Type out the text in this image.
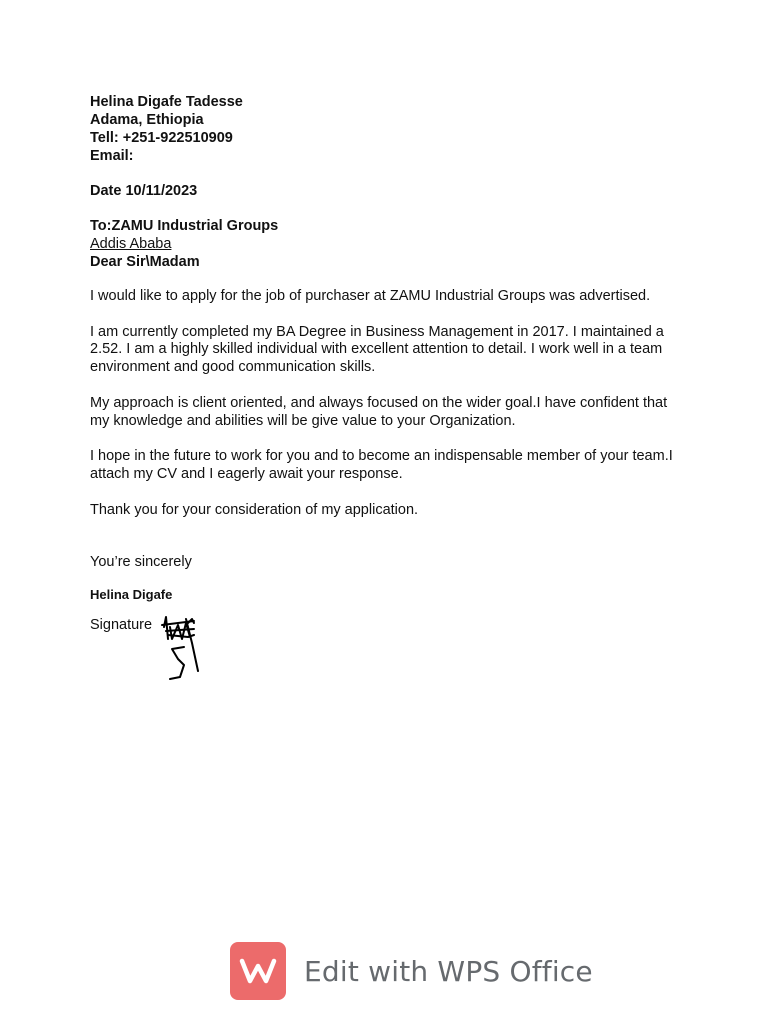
Helina Digafe Tadesse
Adama, Ethiopia
Tell: +251-922510909
Email:
Date 10/11/2023
To:ZAMU Industrial Groups
Addis Ababa
Dear Sir\Madam

I would like to apply for the job of purchaser at ZAMU Industrial Groups was advertised.

I am currently completed my BA Degree in Business Management in 2017. I maintained a 2.52. I am a highly skilled individual with excellent attention to detail. I work well in a team environment and good communication skills.

My approach is client oriented, and always focused on the wider goal.I have confident that my knowledge and abilities will be give value to your Organization.

I hope in the future to work for you and to become an indispensable member of your team.I attach my CV and I eagerly await your response.

Thank you for your consideration of my application.

You’re sincerely
Helina Digafe
Signature
Edit with WPS Office
